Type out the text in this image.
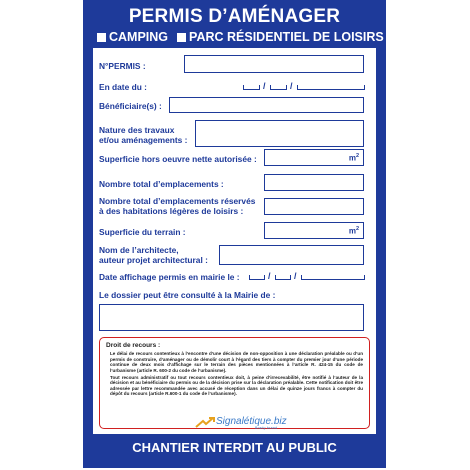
PERMIS D’AMÉNAGER
CAMPING PARC RÉSIDENTIEL DE LOISIRS
N°PERMIS :
En date du :	/	/
Bénéficiaire(s) :
Nature des travaux
et/ou aménagements :
Superficie hors oeuvre nette autorisée :	$m^2$
Nombre total d’emplacements :
Nombre total d’emplacements réservés
à des habitations légères de loisirs :
Superficie du terrain :	$m^2$
Nom de l’architecte,
auteur projet architectural :
Date affichage permis en mairie le :	/	/
Le dossier peut être consulté à la Mairie de :
Droit de recours :

Le délai de recours contentieux à l’encontre d’une décision de non-opposition à une déclaration préalable ou d’un permis de construire, d’aménager ou de démolir court à l’égard des tiers à compter du premier jour d’une période continue de deux mois d’affichage sur le terrain des pièces mentionnées à l’article R. 424-15 du code de l’urbanisme (article R. 600-2 du code de l’urbanisme).

Tout recours administratif ou tout recours contentieux doit, à peine d’irrecevabilité, être notifié à l’auteur de la décision et au bénéficiaire du permis ou de la décision prise sur la déclaration préalable. Cette notification doit être adressée par lettre recommandée avec accusé de réception dans un délai de quinze jours francs à compter du dépôt du recours (article R.600-1 du code de l’urbanisme).

Signalétique.biz
Brady brand
CHANTIER INTERDIT AU PUBLIC
